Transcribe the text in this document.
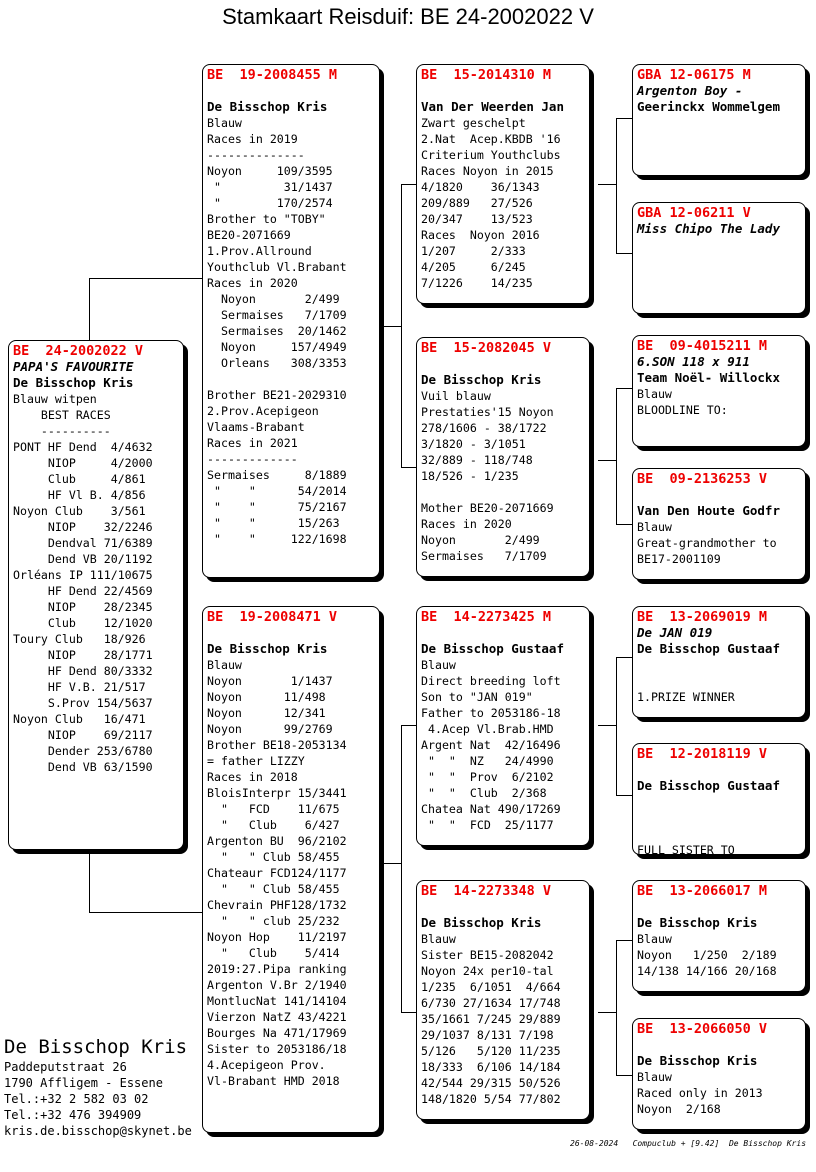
Stamkaart Reisduif: BE 24-2002022 V
BE  24-2002022 V
PAPA'S FAVOURITE
De Bisschop Kris
Blauw witpen
BEST RACES
----------
PONT HF Dend  4/4632
NIOP     4/2000
Club     4/861
HF Vl B. 4/856
Noyon Club    3/561
NIOP    32/2246
Dendval 71/6389
Dend VB 20/1192
Orléans IP 111/10675
HF Dend 22/4569
NIOP    28/2345
Club    12/1020
Toury Club   18/926
NIOP    28/1771
HF Dend 80/3332
HF V.B. 21/517
S.Prov 154/5637
Noyon Club   16/471
NIOP    69/2117
Dender 253/6780
Dend VB 63/1590
BE  19-2008455 M
De Bisschop Kris
Blauw
Races in 2019
--------------
Noyon     109/3595
"         31/1437
"        170/2574
Brother to "TOBY"
BE20-2071669
1.Prov.Allround
Youthclub Vl.Brabant
Races in 2020
Noyon       2/499
Sermaises   7/1709
Sermaises  20/1462
Noyon     157/4949
Orleans   308/3353
Brother BE21-2029310
2.Prov.Acepigeon
Vlaams-Brabant
Races in 2021
-------------
Sermaises     8/1889
"    "      54/2014
"    "      75/2167
"    "      15/263
"    "     122/1698
BE  19-2008471 V
De Bisschop Kris
Blauw
Noyon       1/1437
Noyon      11/498
Noyon      12/341
Noyon      99/2769
Brother BE18-2053134
= father LIZZY
Races in 2018
BloisInterpr 15/3441
"   FCD    11/675
"   Club    6/427
Argenton BU  96/2102
"   " Club 58/455
Chateaur FCD124/1177
"   " Club 58/455
Chevrain PHF128/1732
"   " club 25/232
Noyon Hop    11/2197
"   Club    5/414
2019:27.Pipa ranking
Argenton V.Br 2/1940
MontlucNat 141/14104
Vierzon NatZ 43/4221
Bourges Na 471/17969
Sister to 2053186/18
4.Acepigeon Prov.
Vl-Brabant HMD 2018
BE  15-2014310 M
Van Der Weerden Jan
Zwart geschelpt
2.Nat  Acep.KBDB '16
Criterium Youthclubs
Races Noyon in 2015
4/1820    36/1343
209/889   27/526
20/347    13/523
Races  Noyon 2016
1/207     2/333
4/205     6/245
7/1226    14/235
BE  15-2082045 V
De Bisschop Kris
Vuil blauw
Prestaties'15 Noyon
278/1606 - 38/1722
3/1820 - 3/1051
32/889 - 118/748
18/526 - 1/235
Mother BE20-2071669
Races in 2020
Noyon       2/499
Sermaises   7/1709
BE  14-2273425 M
De Bisschop Gustaaf
Blauw
Direct breeding loft
Son to "JAN 019"
Father to 2053186-18
4.Acep Vl.Brab.HMD
Argent Nat  42/16496
"  "  NZ   24/4990
"  "  Prov  6/2102
"  "  Club  2/368
Chatea Nat 490/17269
"  "  FCD  25/1177
BE  14-2273348 V
De Bisschop Kris
Blauw
Sister BE15-2082042
Noyon 24x per10-tal
1/235  6/1051  4/664
6/730 27/1634 17/748
35/1661 7/245 29/889
29/1037 8/131 7/198
5/126   5/120 11/235
18/333  6/106 14/184
42/544 29/315 50/526
148/1820 5/54 77/802
GBA 12-06175 M
Argenton Boy -
Geerinckx Wommelgem
GBA 12-06211 V
Miss Chipo The Lady
BE  09-4015211 M
6.SON 118 x 911
Team Noël- Willockx
Blauw
BLOODLINE TO:
BE  09-2136253 V
Van Den Houte Godfr
Blauw
Great-grandmother to
BE17-2001109
BE  13-2069019 M
De JAN 019
De Bisschop Gustaaf
1.PRIZE WINNER
BE  12-2018119 V
De Bisschop Gustaaf
FULL SISTER TO
BE  13-2066017 M
De Bisschop Kris
Blauw
Noyon   1/250  2/189
14/138 14/166 20/168
BE  13-2066050 V
De Bisschop Kris
Blauw
Raced only in 2013
Noyon  2/168
De Bisschop Kris
Paddeputstraat 26
1790 Affligem - Essene
Tel.:+32 2 582 03 02
Tel.:+32 476 394909
kris.de.bisschop@skynet.be
26-08-2024   Compuclub + [9.42]  De Bisschop Kris
